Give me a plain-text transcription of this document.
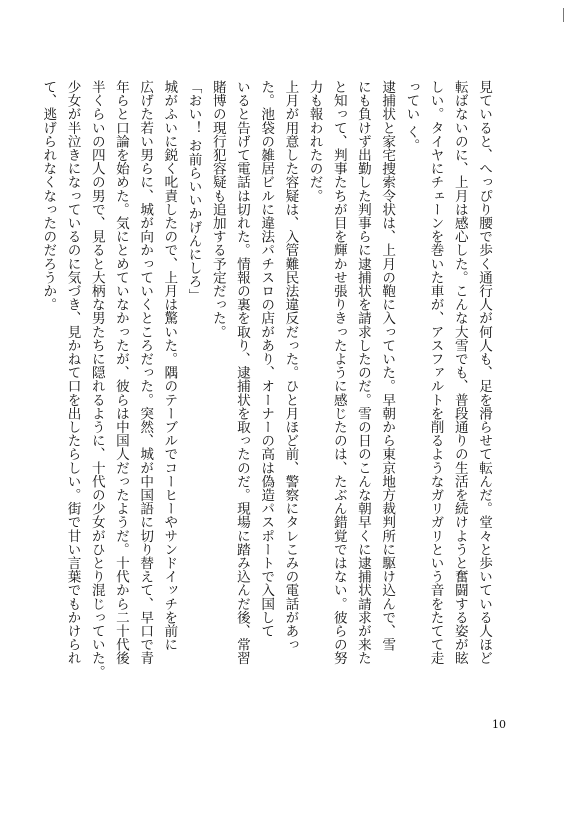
見ていると、へっぴり腰で歩く通行人が何人も、足を滑らせて転んだ。堂々と歩いている人ほど
転ばないのに、上月は感心した。こんな大雪でも、普段通りの生活を続けようと奮闘する姿が眩
しい。タイヤにチェーンを巻いた車が、アスファルトを削るようなガリガリという音をたてて走
ってい く。
逮捕状と家宅捜索令状は、上月の鞄に入っていた。早朝から東京地方裁判所に駆け込んで、雪
にも負けず出勤した判事らに逮捕状を請求したのだ。雪の日のこんな朝早くに逮捕状請求が来た
と知って、判事たちが目を輝かせ張りきったように感じたのは、たぶん錯覚ではない。彼らの努
力も報われたのだ。
上月が用意した容疑は、入管難民法違反だった。ひと月ほど前、警察にタレこみの電話があっ
た。池袋の雑居ビルに違法パチスロの店があり、オーナーの高は偽造パスポートで入国して
いると告げて電話は切れた。情報の裏を取り、逮捕状を取ったのだ。現場に踏み込んだ後、常習
賭博の現行犯容疑も追加する予定だった。
「おい！ お前らいいかげんにしろ」
城がふいに鋭く叱責したので、上月は驚いた。隅のテーブルでコーヒーやサンドイッチを前に
広げた若い男らに、城が向かっていくところだった。突然、城が中国語に切り替えて、早口で青
年らと口論を始めた。気にとめていなかったが、彼らは中国人だったようだ。十代から二十代後
半くらいの四人の男で、見ると大柄な男たちに隠れるように、十代の少女がひとり混じっていた。
少女が半泣きになっているのに気づき、見かねて口を出したらしい。街で甘い言葉でもかけられ
て、逃げられなくなったのだろうか。
10
